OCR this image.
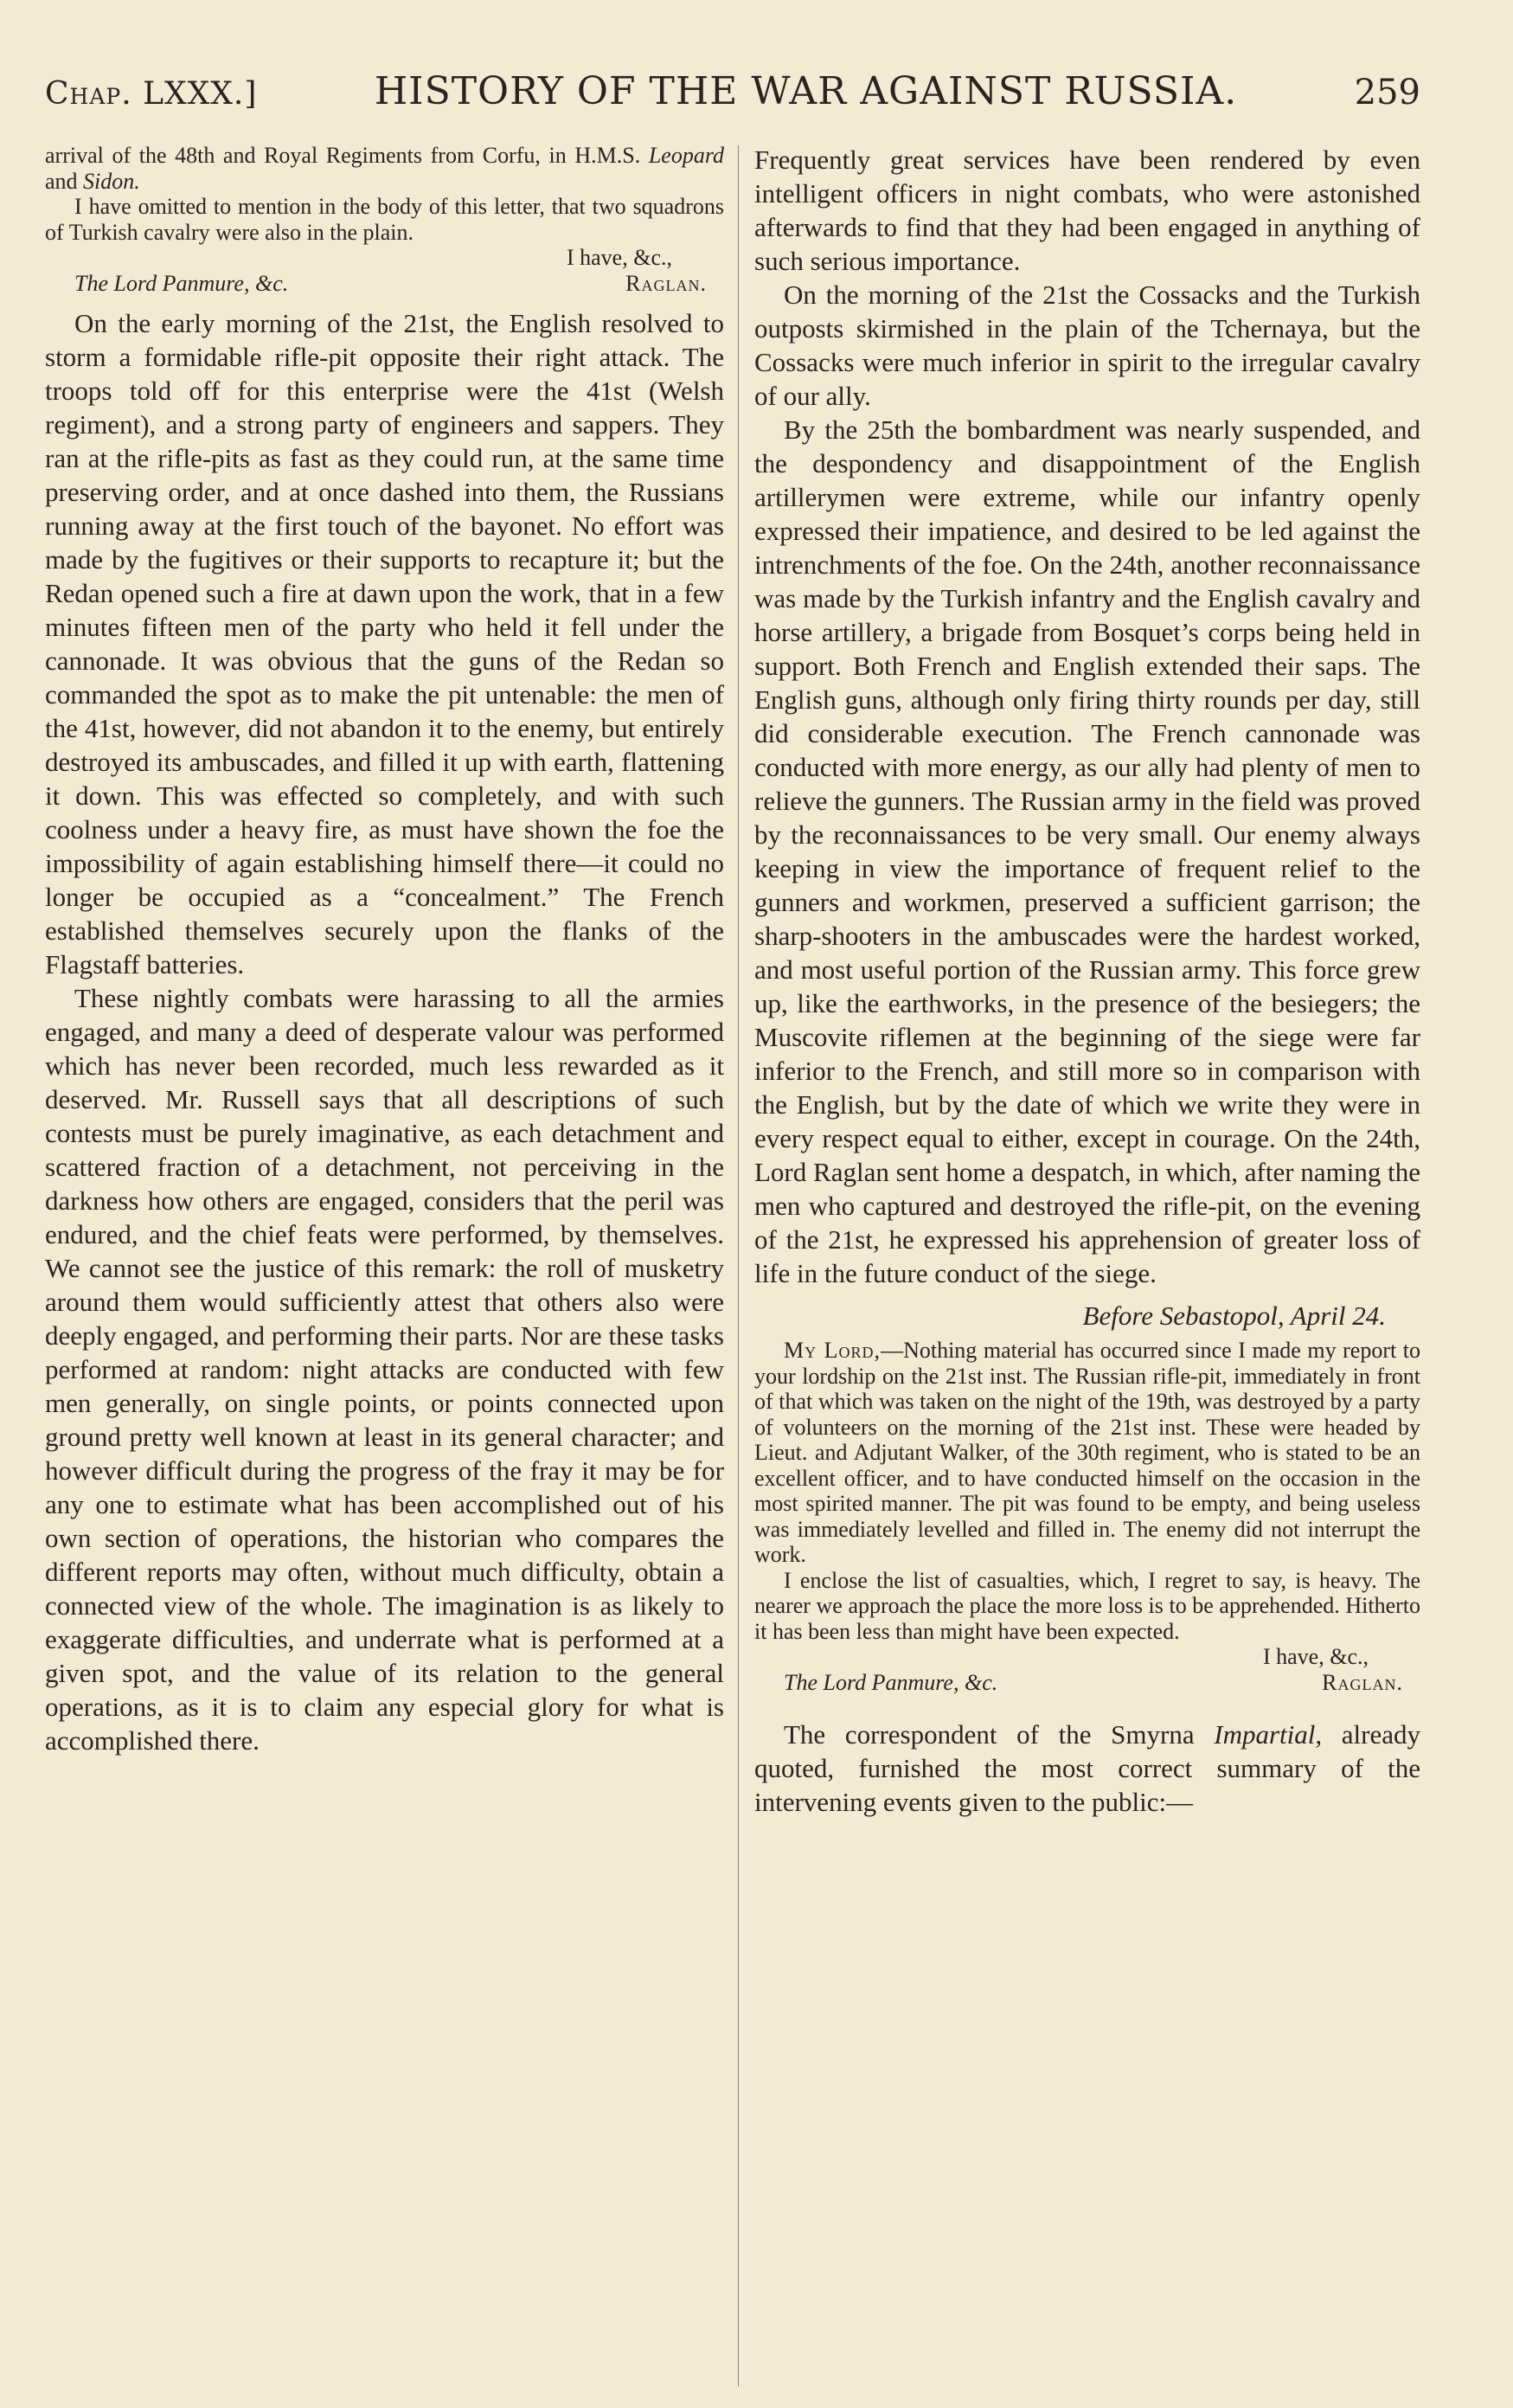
Chap. LXXX.]	HISTORY OF THE WAR AGAINST RUSSIA.	259

arrival of the 48th and Royal Regiments from Corfu, in H.M.S. Leopard and Sidon.

I have omitted to mention in the body of this letter, that two squadrons of Turkish cavalry were also in the plain.

I have, &c.,

The Lord Panmure, &c.	Raglan.

On the early morning of the 21st, the English resolved to storm a formidable rifle-pit opposite their right attack. The troops told off for this enterprise were the 41st (Welsh regiment), and a strong party of engineers and sappers. They ran at the rifle-pits as fast as they could run, at the same time preserving order, and at once dashed into them, the Russians running away at the first touch of the bayonet. No effort was made by the fugitives or their supports to recapture it; but the Redan opened such a fire at dawn upon the work, that in a few minutes fifteen men of the party who held it fell under the cannonade. It was obvious that the guns of the Redan so commanded the spot as to make the pit untenable: the men of the 41st, however, did not abandon it to the enemy, but entirely destroyed its ambuscades, and filled it up with earth, flattening it down. This was effected so completely, and with such coolness under a heavy fire, as must have shown the foe the impossibility of again establishing himself there—it could no longer be occupied as a “concealment.” The French established themselves securely upon the flanks of the Flagstaff batteries.

These nightly combats were harassing to all the armies engaged, and many a deed of desperate valour was performed which has never been recorded, much less rewarded as it deserved. Mr. Russell says that all descriptions of such contests must be purely imaginative, as each detachment and scattered fraction of a detachment, not perceiving in the darkness how others are engaged, considers that the peril was endured, and the chief feats were performed, by themselves. We cannot see the justice of this remark: the roll of musketry around them would sufficiently attest that others also were deeply engaged, and performing their parts. Nor are these tasks performed at random: night attacks are conducted with few men generally, on single points, or points connected upon ground pretty well known at least in its general character; and however difficult during the progress of the fray it may be for any one to estimate what has been accomplished out of his own section of operations, the historian who compares the different reports may often, without much difficulty, obtain a connected view of the whole. The imagination is as likely to exaggerate difficulties, and underrate what is performed at a given spot, and the value of its relation to the general operations, as it is to claim any especial glory for what is accomplished there.

Frequently great services have been rendered by even intelligent officers in night combats, who were astonished afterwards to find that they had been engaged in anything of such serious importance.

On the morning of the 21st the Cossacks and the Turkish outposts skirmished in the plain of the Tchernaya, but the Cossacks were much inferior in spirit to the irregular cavalry of our ally.

By the 25th the bombardment was nearly suspended, and the despondency and disappointment of the English artillerymen were extreme, while our infantry openly expressed their impatience, and desired to be led against the intrenchments of the foe. On the 24th, another reconnaissance was made by the Turkish infantry and the English cavalry and horse artillery, a brigade from Bosquet’s corps being held in support. Both French and English extended their saps. The English guns, although only firing thirty rounds per day, still did considerable execution. The French cannonade was conducted with more energy, as our ally had plenty of men to relieve the gunners. The Russian army in the field was proved by the reconnaissances to be very small. Our enemy always keeping in view the importance of frequent relief to the gunners and workmen, preserved a sufficient garrison; the sharp-shooters in the ambuscades were the hardest worked, and most useful portion of the Russian army. This force grew up, like the earthworks, in the presence of the besiegers; the Muscovite riflemen at the beginning of the siege were far inferior to the French, and still more so in comparison with the English, but by the date of which we write they were in every respect equal to either, except in courage. On the 24th, Lord Raglan sent home a despatch, in which, after naming the men who captured and destroyed the rifle-pit, on the evening of the 21st, he expressed his apprehension of greater loss of life in the future conduct of the siege.

Before Sebastopol, April 24.

My Lord,—Nothing material has occurred since I made my report to your lordship on the 21st inst. The Russian rifle-pit, immediately in front of that which was taken on the night of the 19th, was destroyed by a party of volunteers on the morning of the 21st inst. These were headed by Lieut. and Adjutant Walker, of the 30th regiment, who is stated to be an excellent officer, and to have conducted himself on the occasion in the most spirited manner. The pit was found to be empty, and being useless was immediately levelled and filled in. The enemy did not interrupt the work.

I enclose the list of casualties, which, I regret to say, is heavy. The nearer we approach the place the more loss is to be apprehended. Hitherto it has been less than might have been expected.

I have, &c.,

The Lord Panmure, &c.	Raglan.

The correspondent of the Smyrna Impartial, already quoted, furnished the most correct summary of the intervening events given to the public:—
